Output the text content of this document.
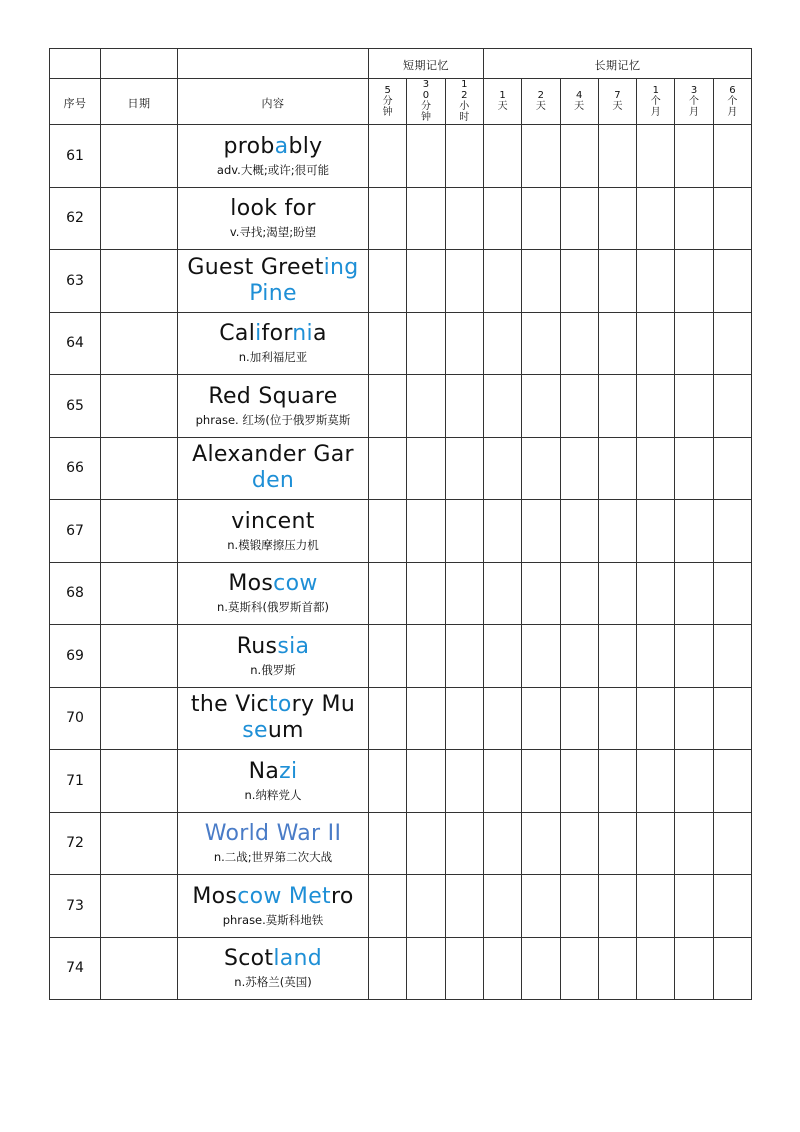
			短期记忆			长期记忆						
序号	日期	内容	5分钟	30分钟	12小时	1天	2天	4天	7天	1个月	3个月	6个月
61		probably
adv.大概;或许;很可能										

62		look for
v.寻找;渴望;盼望										

63		Guest Greeting
Pine										

64		California
n.加利福尼亚										

65		Red Square
phrase. 红场(位于俄罗斯莫斯										

66		Alexander Gar
den										

67		vincent
n.模锻摩擦压力机										

68		Moscow
n.莫斯科(俄罗斯首都)										

69		Russia
n.俄罗斯										

70		the Victory Mu
seum										

71		Nazi
n.纳粹党人										

72		World War II
n.二战;世界第二次大战										

73		Moscow Metro
phrase.莫斯科地铁										

74		Scotland
n.苏格兰(英国)										
